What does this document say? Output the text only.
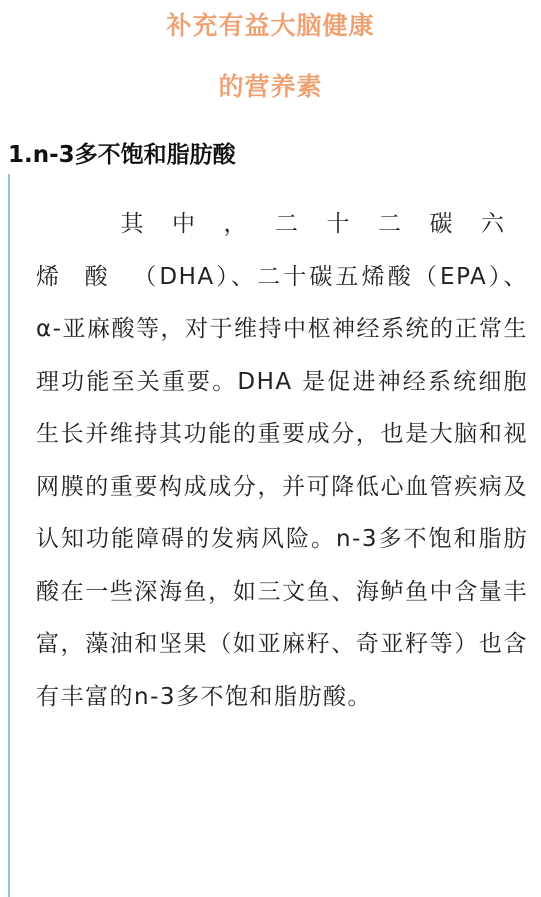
补充有益大脑健康
的营养素
1.n-3多不饱和脂肪酸
其中，二十二碳六烯酸（DHA）、二十碳五烯酸（EPA）、α-亚麻酸等，对于维持中枢神经系统的正常生理功能至关重要。DHA 是促进神经系统细胞生长并维持其功能的重要成分，也是大脑和视网膜的重要构成成分，并可降低心血管疾病及认知功能障碍的发病风险。n-3多不饱和脂肪酸在一些深海鱼，如三文鱼、海鲈鱼中含量丰富，藻油和坚果（如亚麻籽、奇亚籽等）也含有丰富的n-3多不饱和脂肪酸。
